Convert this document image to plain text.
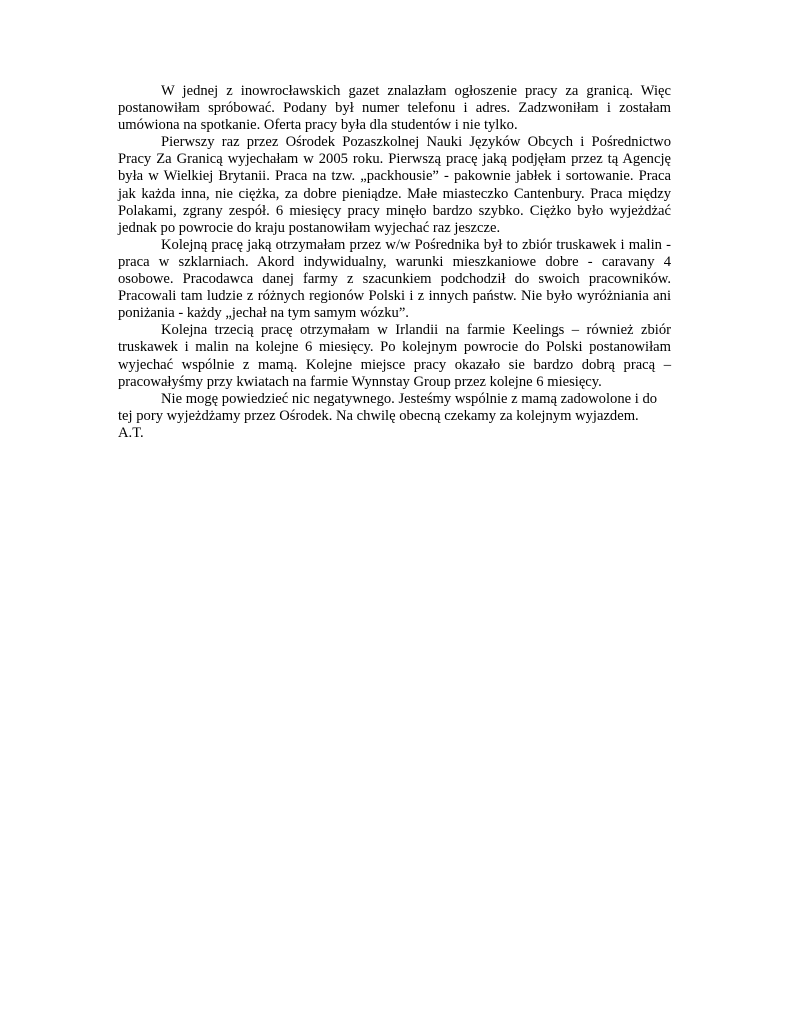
W jednej z inowrocławskich gazet znalazłam ogłoszenie pracy za granicą. Więc postanowiłam spróbować. Podany był numer telefonu i adres. Zadzwoniłam i zostałam umówiona na spotkanie. Oferta pracy była dla studentów i nie tylko.

Pierwszy raz przez Ośrodek Pozaszkolnej Nauki Języków Obcych i Pośrednictwo Pracy Za Granicą wyjechałam w 2005 roku. Pierwszą pracę jaką podjęłam przez tą Agencję była w Wielkiej Brytanii. Praca na tzw. „packhousie” - pakownie jabłek i sortowanie. Praca jak każda inna, nie ciężka, za dobre pieniądze. Małe miasteczko Cantenbury. Praca między Polakami, zgrany zespół. 6 miesięcy pracy minęło bardzo szybko. Ciężko było wyjeżdżać jednak po powrocie do kraju postanowiłam wyjechać raz jeszcze.

Kolejną pracę jaką otrzymałam przez w/w Pośrednika był to zbiór truskawek i malin - praca w szklarniach. Akord indywidualny, warunki mieszkaniowe dobre - caravany 4 osobowe. Pracodawca danej farmy z szacunkiem podchodził do swoich pracowników. Pracowali tam ludzie z różnych regionów Polski i z innych państw. Nie było wyróżniania ani poniżania - każdy „jechał na tym samym wózku”.

Kolejna trzecią pracę otrzymałam w Irlandii na farmie Keelings – również zbiór truskawek i malin na kolejne 6 miesięcy. Po kolejnym powrocie do Polski postanowiłam wyjechać wspólnie z mamą. Kolejne miejsce pracy okazało sie bardzo dobrą pracą – pracowałyśmy przy kwiatach na farmie Wynnstay Group przez kolejne 6 miesięcy.

Nie mogę powiedzieć nic negatywnego. Jesteśmy wspólnie z mamą zadowolone i do tej pory wyjeżdżamy przez Ośrodek. Na chwilę obecną czekamy za kolejnym wyjazdem.

A.T.
